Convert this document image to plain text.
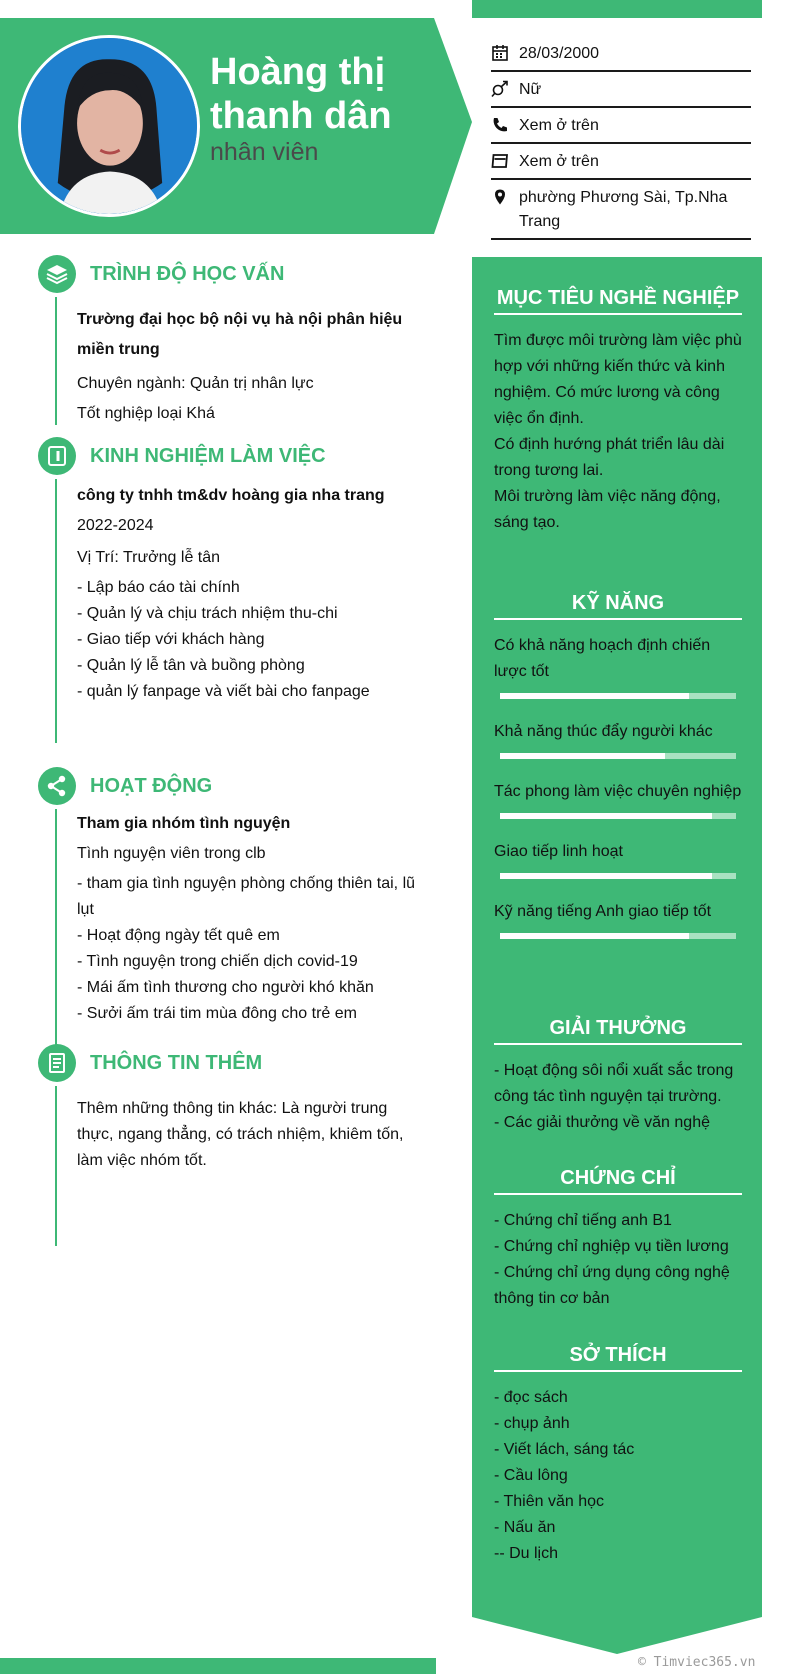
Hoàng thị thanh dân
nhân viên
28/03/2000
Nữ
Xem ở trên
Xem ở trên
phường Phương Sài, Tp.Nha Trang
TRÌNH ĐỘ HỌC VẤN
Trường đại học bộ nội vụ hà nội phân hiệu miền trung
Chuyên ngành: Quản trị nhân lực
Tốt nghiệp loại Khá
KINH NGHIỆM LÀM VIỆC
công ty tnhh tm&dv hoàng gia nha trang
2022-2024
Vị Trí: Trưởng lễ tân
- Lập báo cáo tài chính
- Quản lý và chịu trách nhiệm thu-chi
- Giao tiếp với khách hàng
- Quản lý lễ tân và buồng phòng
- quản lý fanpage và viết bài cho fanpage
HOẠT ĐỘNG
Tham gia nhóm tình nguyện
Tình nguyện viên trong clb
- tham gia tình nguyện phòng chống thiên tai, lũ lụt
- Hoạt động ngày tết quê em
- Tình nguyện trong chiến dịch covid-19
- Mái ấm tình thương cho người khó khăn
- Sưởi ấm trái tim mùa đông cho trẻ em
THÔNG TIN THÊM
Thêm những thông tin khác: Là người trung thực, ngang thẳng, có trách nhiệm, khiêm tốn, làm việc nhóm tốt.
MỤC TIÊU NGHỀ NGHIỆP
Tìm được môi trường làm việc phù hợp với những kiến thức và kinh nghiệm. Có mức lương và công việc ổn định.
Có định hướng phát triển lâu dài trong tương lai.
Môi trường làm việc năng động, sáng tạo.
KỸ NĂNG
Có khả năng hoạch định chiến lược tốt
Khả năng thúc đẩy người khác
Tác phong làm việc chuyên nghiệp
Giao tiếp linh hoạt
Kỹ năng tiếng Anh giao tiếp tốt
GIẢI THƯỞNG
- Hoạt động sôi nổi xuất sắc trong công tác tình nguyện tại trường.
- Các giải thưởng về văn nghệ
CHỨNG CHỈ
- Chứng chỉ tiếng anh B1
- Chứng chỉ nghiệp vụ tiền lương
- Chứng chỉ ứng dụng công nghệ thông tin cơ bản
SỞ THÍCH
- đọc sách
- chụp ảnh
- Viết lách, sáng tác
- Cầu lông
- Thiên văn học
- Nấu ăn
-- Du lịch
© Timviec365.vn
